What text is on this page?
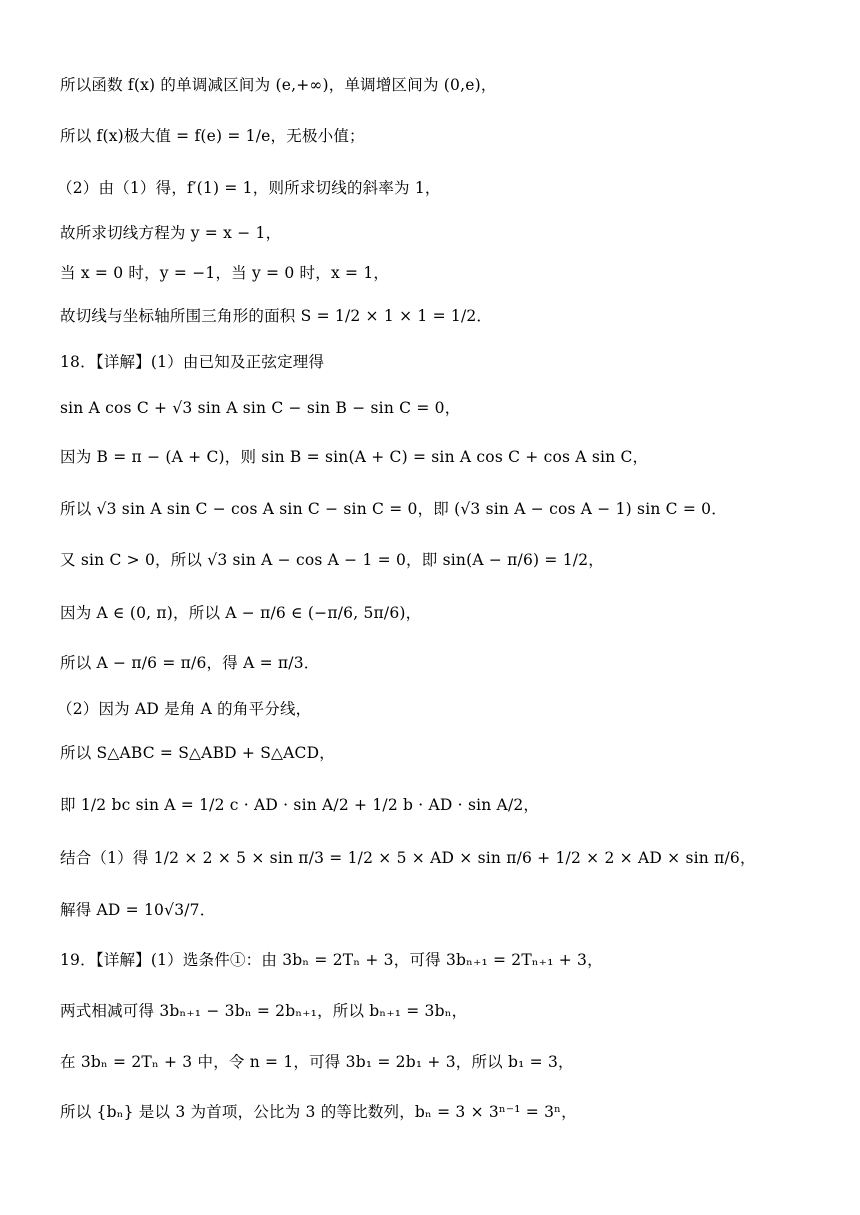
所以函数 f(x) 的单调减区间为 (e,+∞)，单调增区间为 (0,e)，
所以 f(x)极大值 = f(e) = 1/e，无极小值；
（2）由（1）得，f′(1) = 1，则所求切线的斜率为 1，
故所求切线方程为 y = x − 1，
当 x = 0 时，y = −1，当 y = 0 时，x = 1，
故切线与坐标轴所围三角形的面积 S = 1/2 × 1 × 1 = 1/2．
18．【详解】(1）由已知及正弦定理得
sin A cos C + √3 sin A sin C − sin B − sin C = 0，
因为 B = π − (A + C)，则 sin B = sin(A + C) = sin A cos C + cos A sin C，
所以 √3 sin A sin C − cos A sin C − sin C = 0，即 (√3 sin A − cos A − 1) sin C = 0．
又 sin C > 0，所以 √3 sin A − cos A − 1 = 0，即 sin(A − π/6) = 1/2，
因为 A ∈ (0, π)，所以 A − π/6 ∈ (−π/6, 5π/6)，
所以 A − π/6 = π/6，得 A = π/3．
（2）因为 AD 是角 A 的角平分线，
所以 S△ABC = S△ABD + S△ACD，
即 1/2 bc sin A = 1/2 c · AD · sin A/2 + 1/2 b · AD · sin A/2，
结合（1）得 1/2 × 2 × 5 × sin π/3 = 1/2 × 5 × AD × sin π/6 + 1/2 × 2 × AD × sin π/6，
解得 AD = 10√3/7．
19．【详解】(1）选条件①：由 3bₙ = 2Tₙ + 3，可得 3bₙ₊₁ = 2Tₙ₊₁ + 3，
两式相减可得 3bₙ₊₁ − 3bₙ = 2bₙ₊₁，所以 bₙ₊₁ = 3bₙ，
在 3bₙ = 2Tₙ + 3 中，令 n = 1，可得 3b₁ = 2b₁ + 3，所以 b₁ = 3，
所以 {bₙ} 是以 3 为首项，公比为 3 的等比数列，bₙ = 3 × 3ⁿ⁻¹ = 3ⁿ，
